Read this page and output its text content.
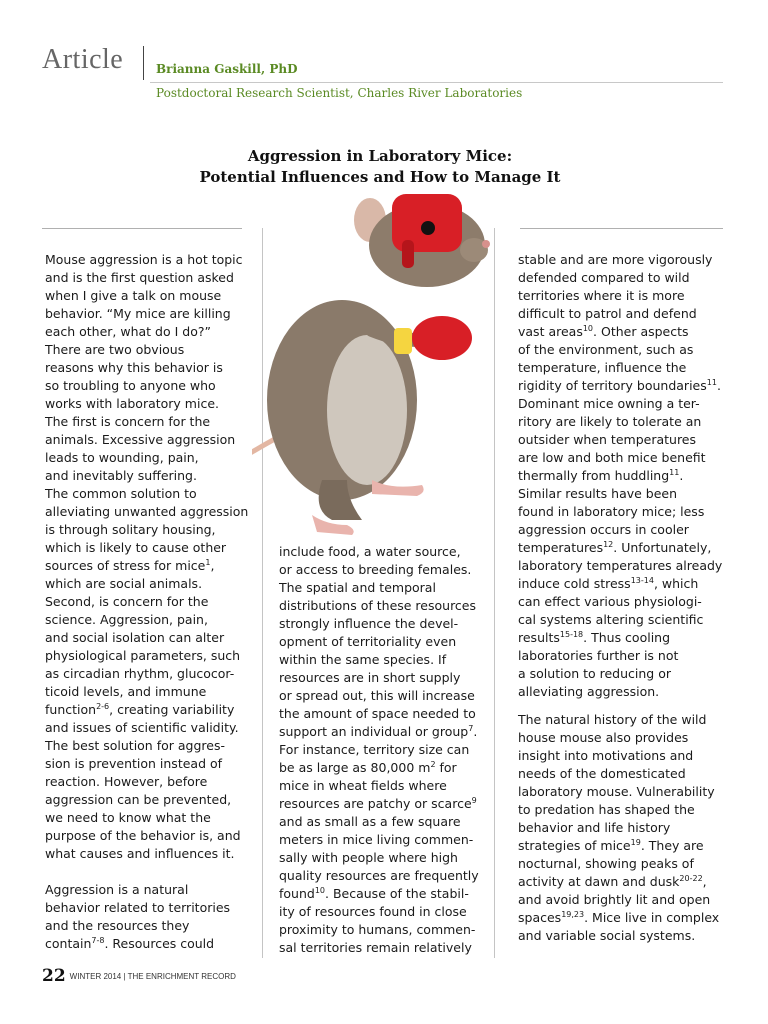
Article	Brianna Gaskill, PhD
Postdoctoral Research Scientist, Charles River Laboratories
Aggression in Laboratory Mice:
Potential Influences and How to Manage It

Mouse aggression is a hot topic
and is the first question asked
when I give a talk on mouse
behavior. “My mice are killing
each other, what do I do?”
There are two obvious
reasons why this behavior is
so troubling to anyone who
works with laboratory mice.
The first is concern for the
animals. Excessive aggression
leads to wounding, pain,
and inevitably suffering.
The common solution to
alleviating unwanted aggression
is through solitary housing,
which is likely to cause other
sources of stress for mice$^1$,
which are social animals.
Second, is concern for the
science. Aggression, pain,
and social isolation can alter
physiological parameters, such
as circadian rhythm, glucocor-
ticoid levels, and immune
function$^{2-6}$, creating variability
and issues of scientific validity.
The best solution for aggres-
sion is prevention instead of
reaction. However, before
aggression can be prevented,
we need to know what the
purpose of the behavior is, and
what causes and influences it.

Aggression is a natural
behavior related to territories
and the resources they
contain$^{7-8}$. Resources could

include food, a water source,
or access to breeding females.
The spatial and temporal
distributions of these resources
strongly influence the devel-
opment of territoriality even
within the same species. If
resources are in short supply
or spread out, this will increase
the amount of space needed to
support an individual or group$^7$.
For instance, territory size can
be as large as 80,000 $m^2$ for
mice in wheat fields where
resources are patchy or scarce$^9$
and as small as a few square
meters in mice living commen-
sally with people where high
quality resources are frequently
found$^{10}$. Because of the stabil-
ity of resources found in close
proximity to humans, commen-
sal territories remain relatively

stable and are more vigorously
defended compared to wild
territories where it is more
difficult to patrol and defend
vast areas$^{10}$. Other aspects
of the environment, such as
temperature, influence the
rigidity of territory boundaries$^{11}$.
Dominant mice owning a ter-
ritory are likely to tolerate an
outsider when temperatures
are low and both mice benefit
thermally from huddling$^{11}$.
Similar results have been
found in laboratory mice; less
aggression occurs in cooler
temperatures$^{12}$. Unfortunately,
laboratory temperatures already
induce cold stress$^{13-14}$, which
can effect various physiologi-
cal systems altering scientific
results$^{15-18}$. Thus cooling
laboratories further is not
a solution to reducing or
alleviating aggression.

The natural history of the wild
house mouse also provides
insight into motivations and
needs of the domesticated
laboratory mouse. Vulnerability
to predation has shaped the
behavior and life history
strategies of mice$^{19}$. They are
nocturnal, showing peaks of
activity at dawn and dusk$^{20-22}$,
and avoid brightly lit and open
spaces$^{19,23}$. Mice live in complex
and variable social systems.

22 WINTER 2014 | THE ENRICHMENT RECORD
